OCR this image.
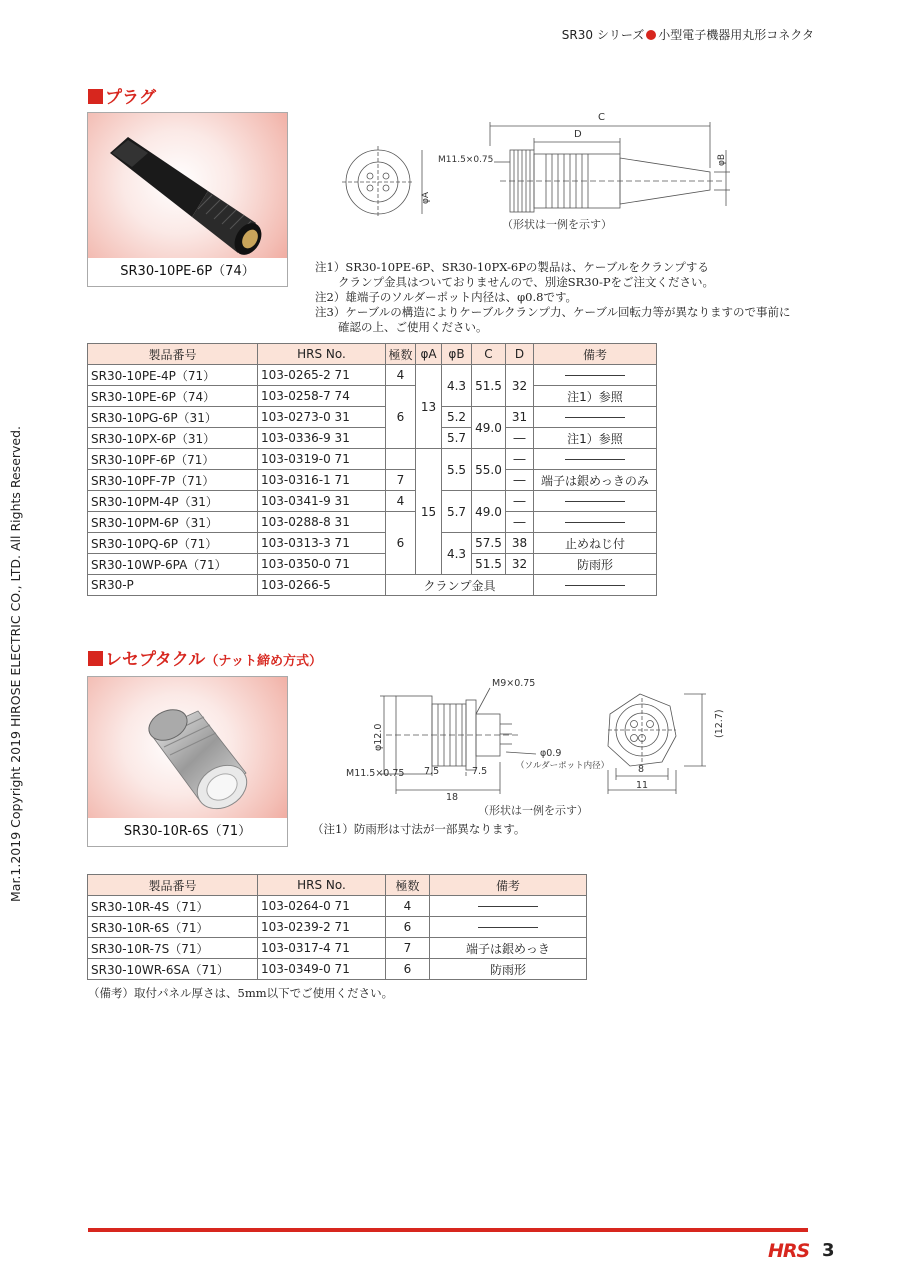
SR30 シリーズ 小型電子機器用丸形コネクタ
Mar.1.2019 Copyright 2019 HIROSE ELECTRIC CO., LTD. All Rights Reserved.
プラグ
SR30-10PE-6P（74）
C
D
M11.5×0.75
φA
φB
（形状は一例を示す）
注1）SR30-10PE-6P、SR30-10PX-6Pの製品は、ケーブルをクランプする
　　クランプ金具はついておりませんので、別途SR30-Pをご注文ください。
注2）雄端子のソルダーポット内径は、φ0.8です。
注3）ケーブルの構造によりケーブルクランプ力、ケーブル回転力等が異なりますので事前に
　　確認の上、ご使用ください。
製品番号	HRS No.	極数	φA	φB	C	D	備考
SR30-10PE-4P（71）	103-0265-2 71	4	13	4.3	51.5	32	―――――
SR30-10PE-6P（74）	103-0258-7 74	6					注1）参照
SR30-10PG-6P（31）	103-0273-0 31			5.2	49.0	31	―――――
SR30-10PX-6P（31）	103-0336-9 31			5.7		―	注1）参照
SR30-10PF-6P（71）	103-0319-0 71		15	5.5	55.0	―	―――――
SR30-10PF-7P（71）	103-0316-1 71	7				―	端子は銀めっきのみ
SR30-10PM-4P（31）	103-0341-9 31	4		5.7	49.0	―	―――――
SR30-10PM-6P（31）	103-0288-8 31	6				―	―――――
SR30-10PQ-6P（71）	103-0313-3 71			4.3	57.5	38	止めねじ付
SR30-10WP-6PA（71）	103-0350-0 71				51.5	32	防雨形
SR30-P	103-0266-5	クランプ金具					―――――
レセプタクル（ナット締め方式）
SR30-10R-6S（71）
M9×0.75
φ12.0
M11.5×0.75 7.5	7.5
18
φ0.9
（ソルダーポット内径）
(12.7)
8
11
（形状は一例を示す）
（注1）防雨形は寸法が一部異なります。
製品番号	HRS No.	極数	備考
SR30-10R-4S（71）	103-0264-0 71	4	―――――
SR30-10R-6S（71）	103-0239-2 71	6	―――――
SR30-10R-7S（71）	103-0317-4 71	7	端子は銀めっき
SR30-10WR-6SA（71）	103-0349-0 71	6	防雨形
（備考）取付パネル厚さは、5mm以下でご使用ください。
HRS 3
